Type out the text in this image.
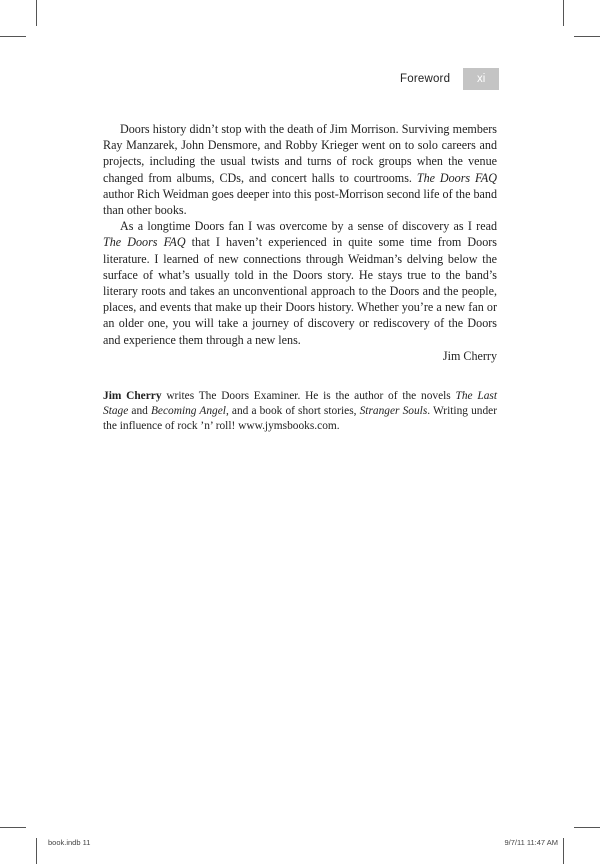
Foreword	xi

Doors history didn’t stop with the death of Jim Morrison. Surviving members Ray Manzarek, John Densmore, and Robby Krieger went on to solo careers and projects, including the usual twists and turns of rock groups when the venue changed from albums, CDs, and concert halls to courtrooms. The Doors FAQ author Rich Weidman goes deeper into this post-Morrison second life of the band than other books.

As a longtime Doors fan I was overcome by a sense of discovery as I read The Doors FAQ that I haven’t experienced in quite some time from Doors literature. I learned of new connections through Weidman’s delving below the surface of what’s usually told in the Doors story. He stays true to the band’s literary roots and takes an unconventional approach to the Doors and the people, places, and events that make up their Doors history. Whether you’re a new fan or an older one, you will take a journey of discovery or rediscovery of the Doors and experience them through a new lens.

Jim Cherry

Jim Cherry writes The Doors Examiner. He is the author of the novels The Last Stage and Becoming Angel, and a book of short stories, Stranger Souls. Writing under the influence of rock ’n’ roll! www.jymsbooks.com.

book.indb 11	9/7/11 11:47 AM
